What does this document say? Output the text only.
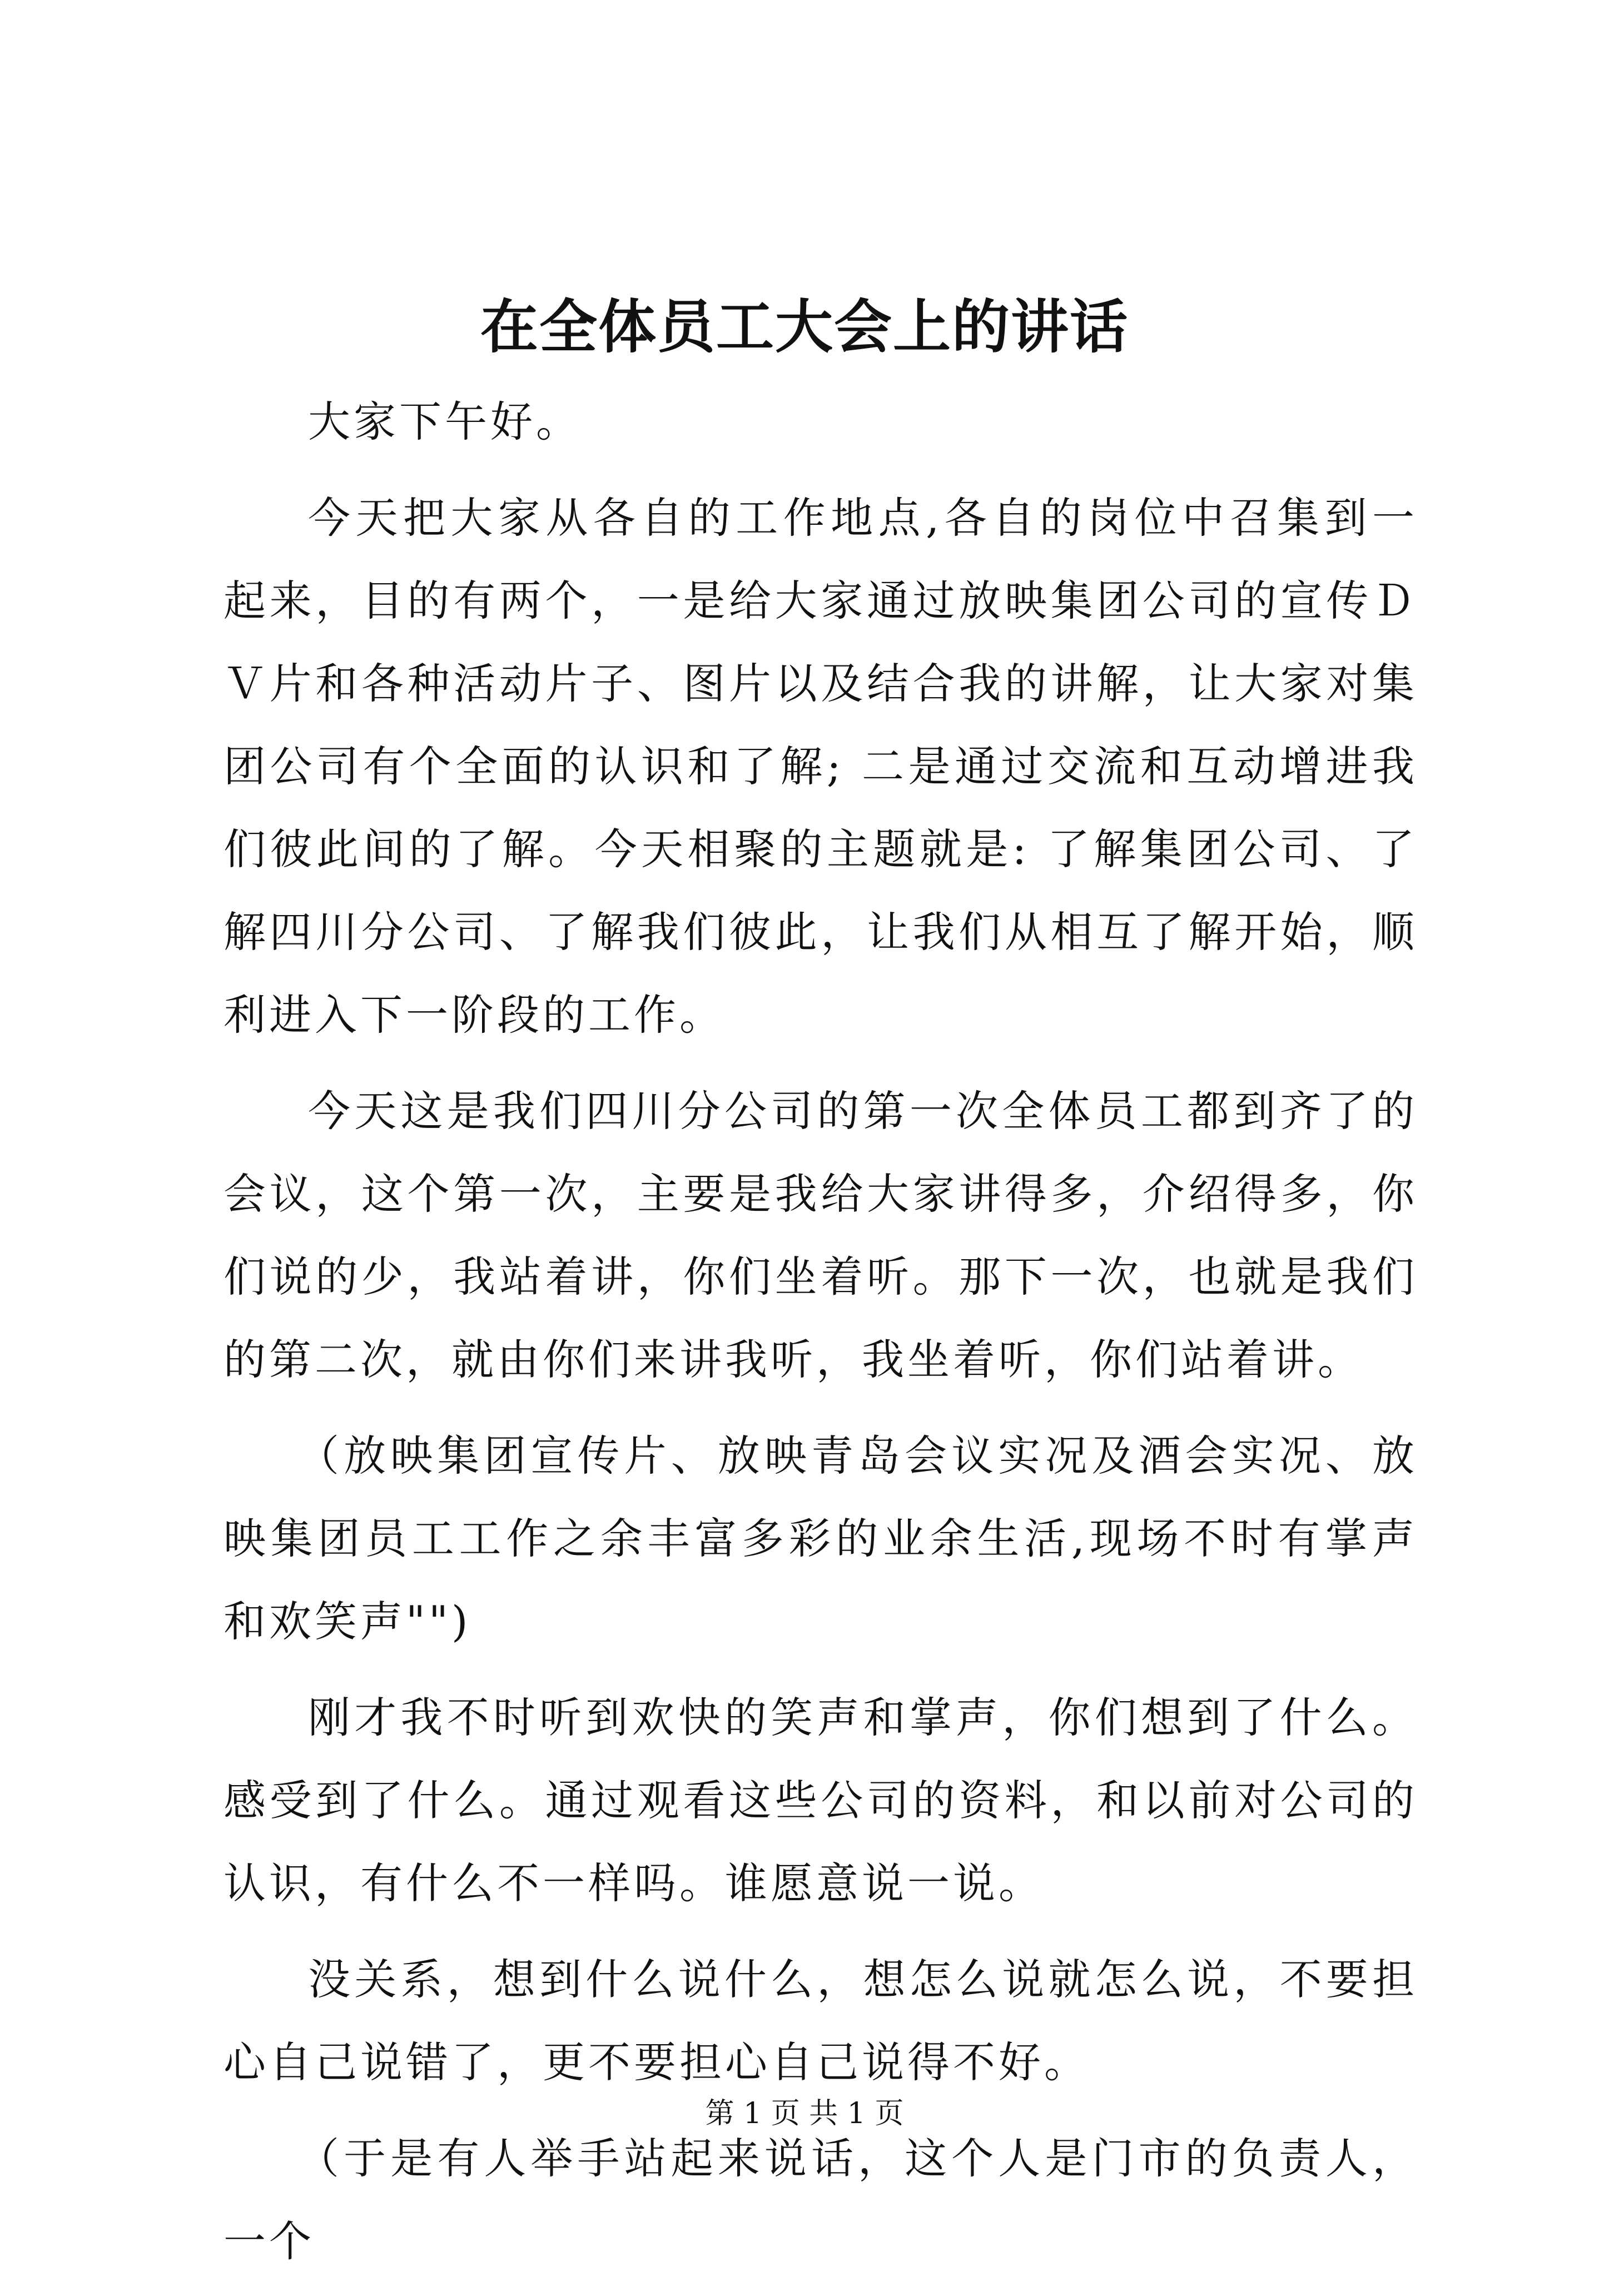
在全体员工大会上的讲话

大家下午好。

今天把大家从各自的工作地点,各自的岗位中召集到一起来，目的有两个，一是给大家通过放映集团公司的宣传ＤＶ片和各种活动片子、图片以及结合我的讲解，让大家对集团公司有个全面的认识和了解; 二是通过交流和互动增进我们彼此间的了解。今天相聚的主题就是: 了解集团公司、了解四川分公司、了解我们彼此，让我们从相互了解开始，顺利进入下一阶段的工作。

今天这是我们四川分公司的第一次全体员工都到齐了的会议，这个第一次，主要是我给大家讲得多，介绍得多，你们说的少，我站着讲，你们坐着听。那下一次，也就是我们的第二次，就由你们来讲我听，我坐着听，你们站着讲。

（放映集团宣传片、放映青岛会议实况及酒会实况、放映集团员工工作之余丰富多彩的业余生活,现场不时有掌声和欢笑声"")

刚才我不时听到欢快的笑声和掌声，你们想到了什么。感受到了什么。通过观看这些公司的资料，和以前对公司的认识，有什么不一样吗。谁愿意说一说。

没关系，想到什么说什么，想怎么说就怎么说，不要担心自己说错了，更不要担心自己说得不好。

（于是有人举手站起来说话，这个人是门市的负责人，一个

第 1 页 共 1 页
